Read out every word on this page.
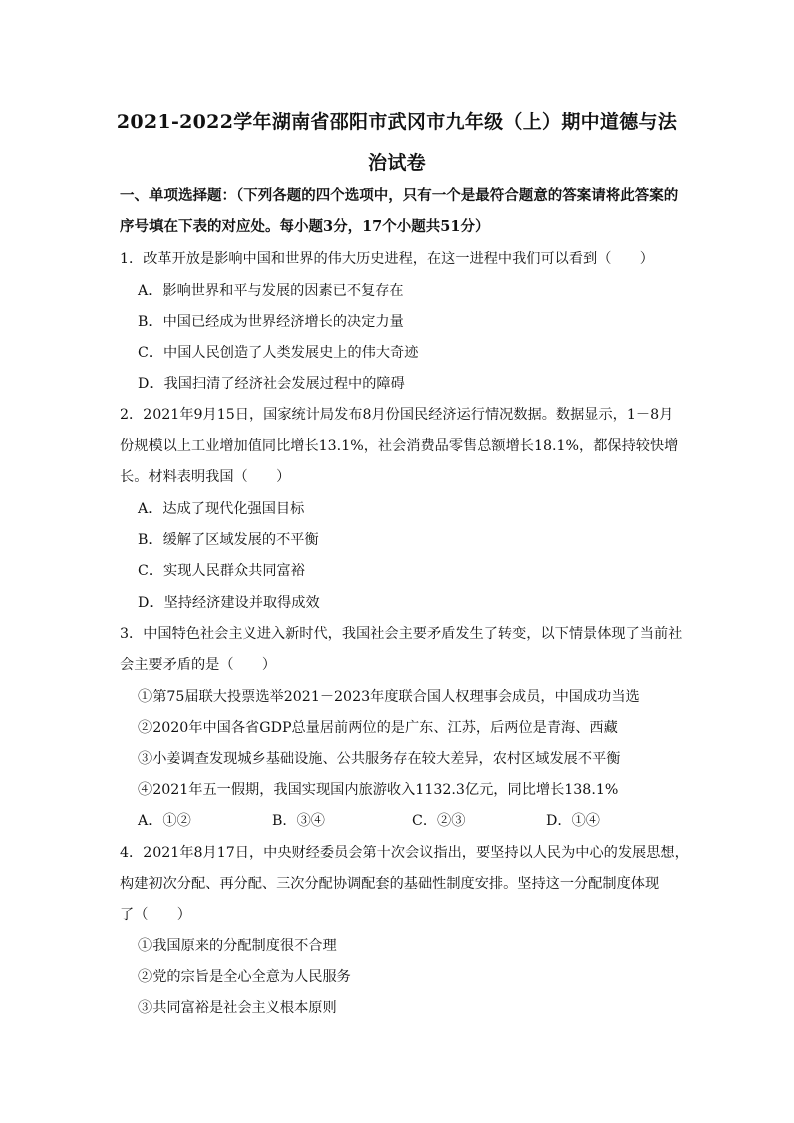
2021-2022学年湖南省邵阳市武冈市九年级（上）期中道德与法
治试卷
一、单项选择题：（下列各题的四个选项中，只有一个是最符合题意的答案请将此答案的
序号填在下表的对应处。每小题3分，17个小题共51分）
1．改革开放是影响中国和世界的伟大历史进程，在这一进程中我们可以看到（　　）
A．影响世界和平与发展的因素已不复存在
B．中国已经成为世界经济增长的决定力量
C．中国人民创造了人类发展史上的伟大奇迹
D．我国扫清了经济社会发展过程中的障碍
2．2021年9月15日，国家统计局发布8月份国民经济运行情况数据。数据显示，1－8月
份规模以上工业增加值同比增长13.1%，社会消费品零售总额增长18.1%，都保持较快增
长。材料表明我国（　　）
A．达成了现代化强国目标
B．缓解了区域发展的不平衡
C．实现人民群众共同富裕
D．坚持经济建设并取得成效
3．中国特色社会主义进入新时代，我国社会主要矛盾发生了转变，以下情景体现了当前社
会主要矛盾的是（　　）
①第75届联大投票选举2021－2023年度联合国人权理事会成员，中国成功当选
②2020年中国各省GDP总量居前两位的是广东、江苏，后两位是青海、西藏
③小姜调查发现城乡基础设施、公共服务存在较大差异，农村区域发展不平衡
④2021年五一假期，我国实现国内旅游收入1132.3亿元，同比增长138.1%
A．①②	B．③④	C．②③	D．①④
4．2021年8月17日，中央财经委员会第十次会议指出，要坚持以人民为中心的发展思想，
构建初次分配、再分配、三次分配协调配套的基础性制度安排。坚持这一分配制度体现
了（　　）
①我国原来的分配制度很不合理
②党的宗旨是全心全意为人民服务
③共同富裕是社会主义根本原则
